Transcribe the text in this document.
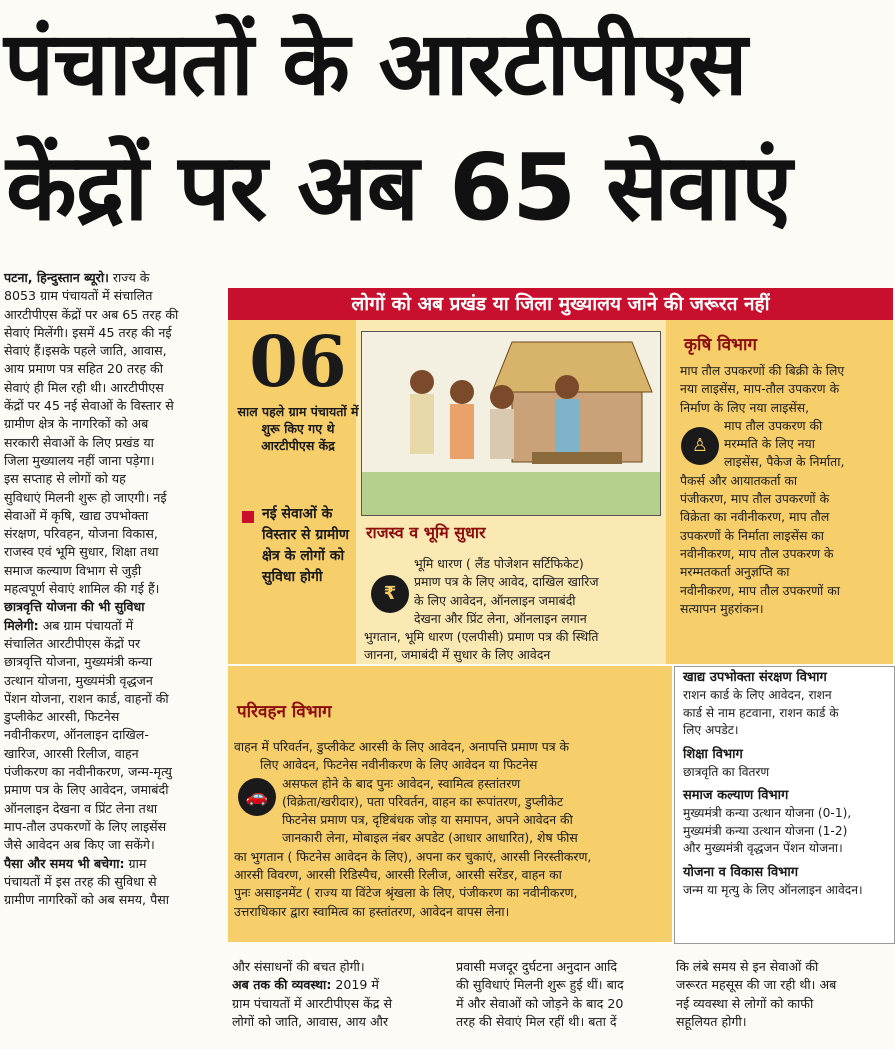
पंचायतों के आरटीपीएस
केंद्रों पर अब 65 सेवाएं

पटना, हिन्दुस्तान ब्यूरो। राज्य के

8053 ग्राम पंचायतों में संचालित

आरटीपीएस केंद्रों पर अब 65 तरह की

सेवाएं मिलेंगी। इसमें 45 तरह की नई

सेवाएं हैं।इसके पहले जाति, आवास,

आय प्रमाण पत्र सहित 20 तरह की

सेवाएं ही मिल रही थी। आरटीपीएस

केंद्रों पर 45 नई सेवाओं के विस्तार से

ग्रामीण क्षेत्र के नागरिकों को अब

सरकारी सेवाओं के लिए प्रखंड या

जिला मुख्यालय नहीं जाना पड़ेगा।

इस सप्ताह से लोगों को यह

सुविधाएं मिलनी शुरू हो जाएगी। नई

सेवाओं में कृषि, खाद्य उपभोक्ता

संरक्षण, परिवहन, योजना विकास,

राजस्व एवं भूमि सुधार, शिक्षा तथा

समाज कल्याण विभाग से जुड़ी

महत्वपूर्ण सेवाएं शामिल की गई हैं।

छात्रवृत्ति योजना की भी सुविधा

मिलेगी: अब ग्राम पंचायतों में

संचालित आरटीपीएस केंद्रों पर

छात्रवृत्ति योजना, मुख्यमंत्री कन्या

उत्थान योजना, मुख्यमंत्री वृद्धजन

पेंशन योजना, राशन कार्ड, वाहनों की

डुप्लीकेट आरसी, फिटनेस

नवीनीकरण, ऑनलाइन दाखिल-

खारिज, आरसी रिलीज, वाहन

पंजीकरण का नवीनीकरण, जन्म-मृत्यु

प्रमाण पत्र के लिए आवेदन, जमाबंदी

ऑनलाइन देखना व प्रिंट लेना तथा

माप-तौल उपकरणों के लिए लाइसेंस

जैसे आवेदन अब किए जा सकेंगे।

पैसा और समय भी बचेगा: ग्राम

पंचायतों में इस तरह की सुविधा से

ग्रामीण नागरिकों को अब समय, पैसा

लोगों को अब प्रखंड या जिला मुख्यालय जाने की जरूरत नहीं
06
साल पहले ग्राम पंचायतों में शुरू किए गए थे आरटीपीएस केंद्र
नई सेवाओं के विस्तार से ग्रामीण क्षेत्र के लोगों को सुविधा होगी
राजस्व व भूमि सुधार
₹
भूमि धारण ( लैंड पोजेशन सर्टिफिकेट)
प्रमाण पत्र के लिए आवेद, दाखिल खारिज
के लिए आवेदन, ऑनलाइन जमाबंदी
देखना और प्रिंट लेना, ऑनलाइन लगान
भुगतान, भूमि धारण (एलपीसी) प्रमाण पत्र की स्थिति
जानना, जमाबंदी में सुधार के लिए आवेदन
कृषि विभाग
♙
माप तौल उपकरणों की बिक्री के लिए
नया लाइसेंस, माप-तौल उपकरण के
निर्माण के लिए नया लाइसेंस,
माप तौल उपकरण की
मरम्मति के लिए नया
लाइसेंस, पैकेज के निर्माता,
पैकर्स और आयातकर्ता का
पंजीकरण, माप तौल उपकरणों के
विक्रेता का नवीनीकरण, माप तौल
उपकरणों के निर्माता लाइसेंस का
नवीनीकरण, माप तौल उपकरण के
मरम्मतकर्ता अनुज्ञप्ति का
नवीनीकरण, माप तौल उपकरणों का
सत्यापन मुहरांकन।
परिवहन विभाग
🚗
वाहन में परिवर्तन, डुप्लीकेट आरसी के लिए आवेदन, अनापत्ति प्रमाण पत्र के
लिए आवेदन, फिटनेस नवीनीकरण के लिए आवेदन या फिटनेस
असफल होने के बाद पुनः आवेदन, स्वामित्व हस्तांतरण
(विक्रेता/खरीदार), पता परिवर्तन, वाहन का रूपांतरण, डुप्लीकेट
फिटनेस प्रमाण पत्र, दृष्टिबंधक जोड़ या समापन, अपने आवेदन की
जानकारी लेना, मोबाइल नंबर अपडेट (आधार आधारित), शेष फीस
का भुगतान ( फिटनेस आवेदन के लिए), अपना कर चुकाएं, आरसी निरस्तीकरण,
आरसी विवरण, आरसी रिडिस्पैच, आरसी रिलीज, आरसी सरेंडर, वाहन का
पुनः असाइनमेंट ( राज्य या विंटेज श्रृंखला के लिए, पंजीकरण का नवीनीकरण,
उत्तराधिकार द्वारा स्वामित्व का हस्तांतरण, आवेदन वापस लेना।
खाद्य उपभोक्ता संरक्षण विभाग
राशन कार्ड के लिए आवेदन, राशन
कार्ड से नाम हटवाना, राशन कार्ड के
लिए अपडेट।
शिक्षा विभाग
छात्रवृति का वितरण
समाज कल्याण विभाग
मुख्यमंत्री कन्या उत्थान योजना (0-1),
मुख्यमंत्री कन्या उत्थान योजना (1-2)
और मुख्यमंत्री वृद्धजन पेंशन योजना।
योजना व विकास विभाग
जन्म या मृत्यु के लिए ऑनलाइन आवेदन।

और संसाधनों की बचत होगी।

अब तक की व्यवस्था: 2019 में

ग्राम पंचायतों में आरटीपीएस केंद्र से

लोगों को जाति, आवास, आय और

प्रवासी मजदूर दुर्घटना अनुदान आदि

की सुविधाएं मिलनी शुरू हुई थीं। बाद

में और सेवाओं को जोड़ने के बाद 20

तरह की सेवाएं मिल रहीं थी। बता दें

कि लंबे समय से इन सेवाओं की

जरूरत महसूस की जा रही थी। अब

नई व्यवस्था से लोगों को काफी

सहूलियत होगी।
